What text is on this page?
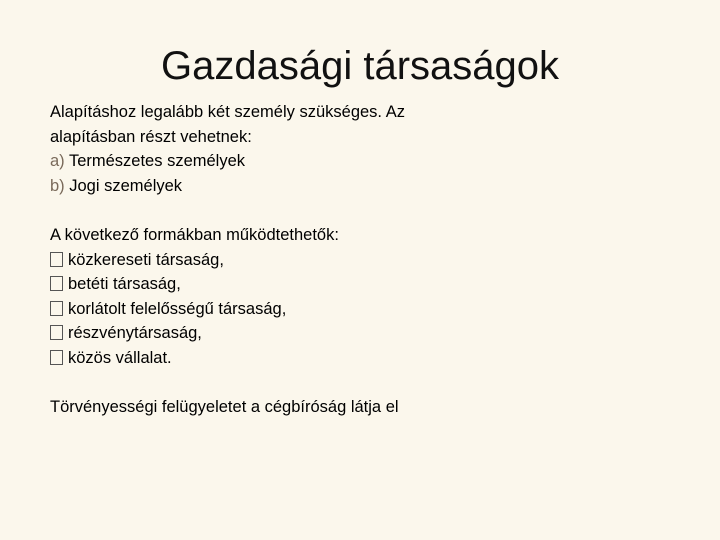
Gazdasági társaságok
Alapításhoz legalább két személy szükséges. Az
alapításban részt vehetnek:
a) Természetes személyek
b) Jogi személyek
A következő formákban működtethetők:
közkereseti társaság,
betéti társaság,
korlátolt felelősségű társaság,
részvénytársaság,
közös vállalat.
Törvényességi felügyeletet a cégbíróság látja el
